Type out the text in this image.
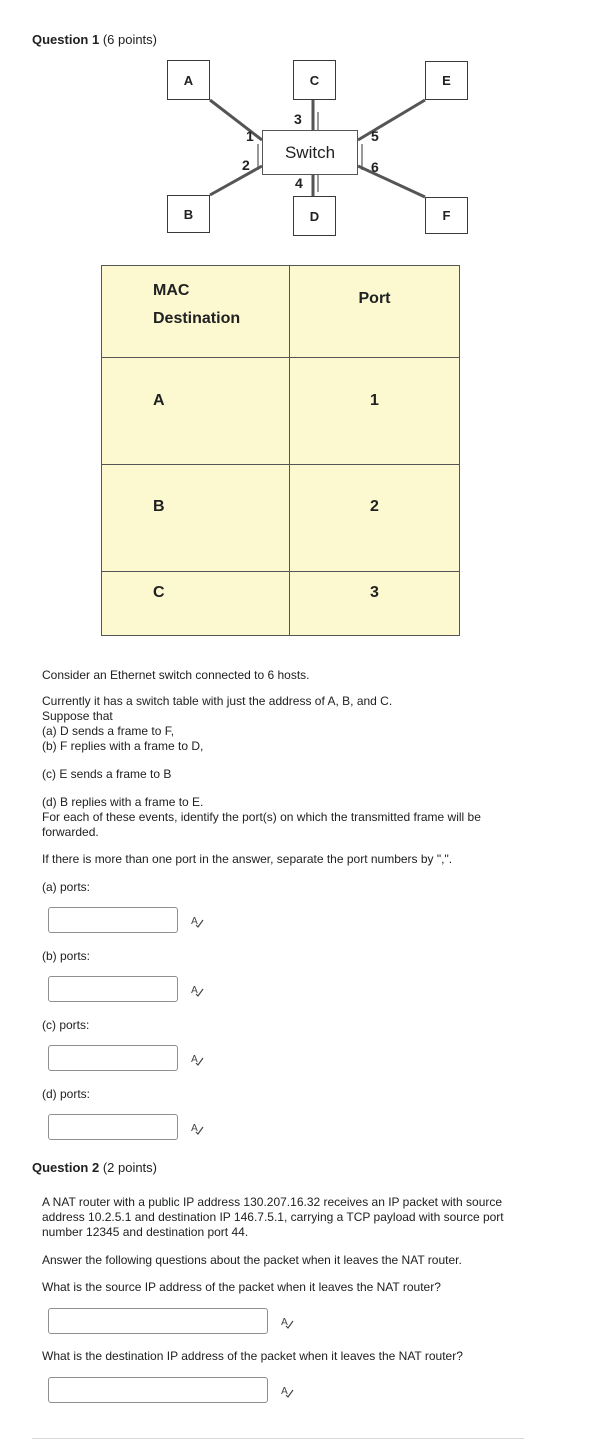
Question 1 (6 points)
A
B
C
D
E
F
Switch
1
2
3
4
5
6
MAC
Destination	Port
A	1
B	2
C	3

Consider an Ethernet switch connected to 6 hosts.

Currently it has a switch table with just the address of A, B, and C.
Suppose that
(a) D sends a frame to F,
(b) F replies with a frame to D,

(c) E sends a frame to B

(d) B replies with a frame to E.
For each of these events, identify the port(s) on which the transmitted frame will be forwarded.

If there is more than one port in the answer, separate the port numbers by ",".

(a) ports:
A
(b) ports:
A
(c) ports:
A
(d) ports:
A
Question 2 (2 points)

A NAT router with a public IP address 130.207.16.32 receives an IP packet with source address 10.2.5.1 and destination IP 146.7.5.1, carrying a TCP payload with source port number 12345 and destination port 44.

Answer the following questions about the packet when it leaves the NAT router.

What is the source IP address of the packet when it leaves the NAT router?

A

What is the destination IP address of the packet when it leaves the NAT router?

A
